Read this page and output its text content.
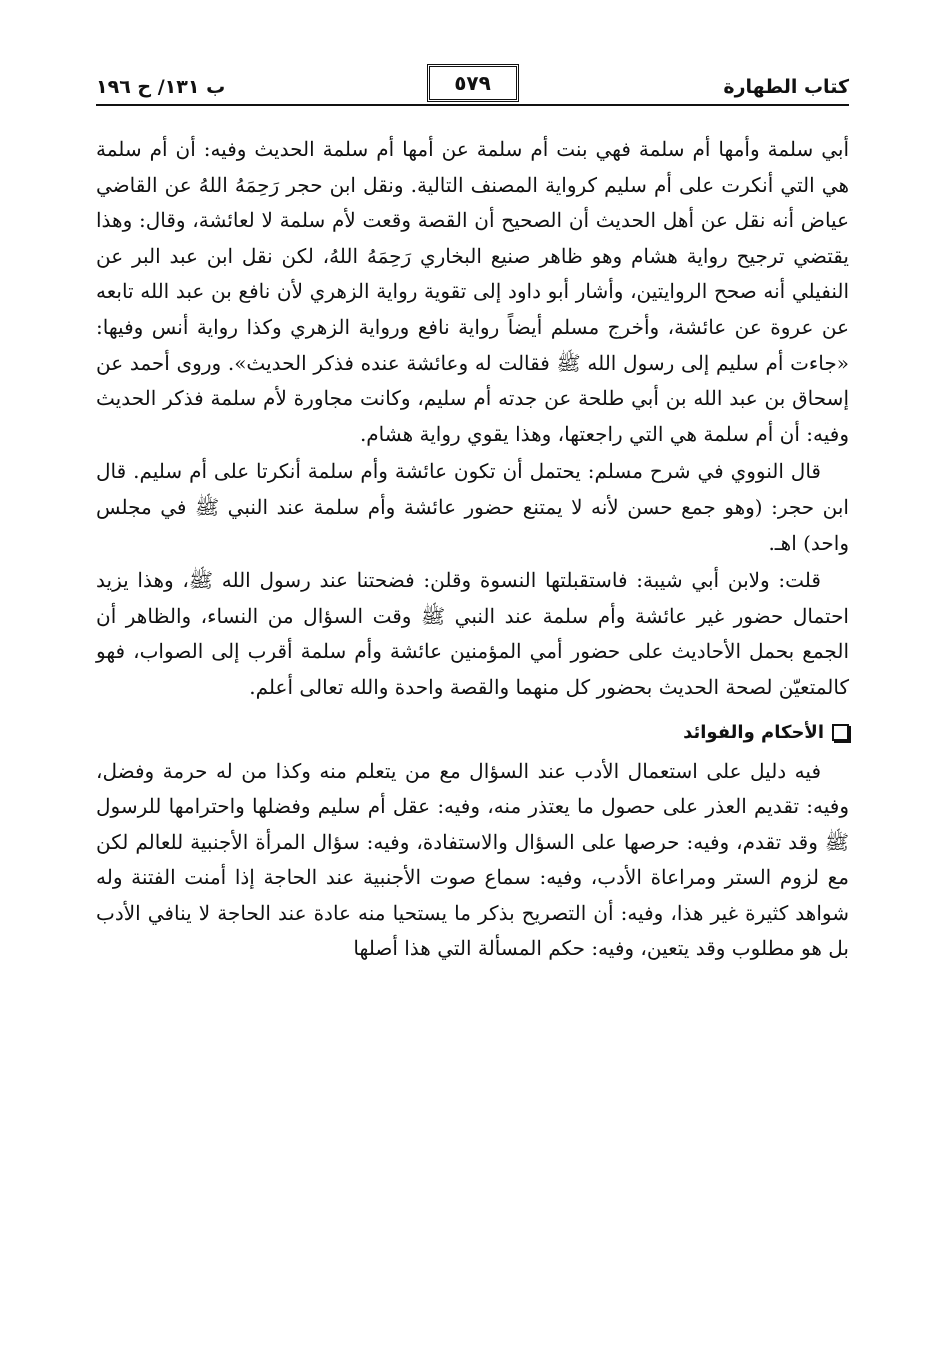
كتاب الطهارة
٥٧٩
ب ١٣١/ ح ١٩٦

أبي سلمة وأمها أم سلمة فهي بنت أم سلمة عن أمها أم سلمة الحديث وفيه: أن أم سلمة هي التي أنكرت على أم سليم كرواية المصنف التالية. ونقل ابن حجر رَحِمَهُ اللهُ عن القاضي عياض أنه نقل عن أهل الحديث أن الصحيح أن القصة وقعت لأم سلمة لا لعائشة، وقال: وهذا يقتضي ترجيح رواية هشام وهو ظاهر صنيع البخاري رَحِمَهُ اللهُ، لكن نقل ابن عبد البر عن النفيلي أنه صحح الروايتين، وأشار أبو داود إلى تقوية رواية الزهري لأن نافع بن عبد الله تابعه عن عروة عن عائشة، وأخرج مسلم أيضاً رواية نافع ورواية الزهري وكذا رواية أنس وفيها: «جاءت أم سليم إلى رسول الله ﷺ فقالت له وعائشة عنده فذكر الحديث». وروى أحمد عن إسحاق بن عبد الله بن أبي طلحة عن جدته أم سليم، وكانت مجاورة لأم سلمة فذكر الحديث وفيه: أن أم سلمة هي التي راجعتها، وهذا يقوي رواية هشام.

قال النووي في شرح مسلم: يحتمل أن تكون عائشة وأم سلمة أنكرتا على أم سليم. قال ابن حجر: (وهو جمع حسن لأنه لا يمتنع حضور عائشة وأم سلمة عند النبي ﷺ في مجلس واحد) اهـ.

قلت: ولابن أبي شيبة: فاستقبلتها النسوة وقلن: فضحتنا عند رسول الله ﷺ، وهذا يزيد احتمال حضور غير عائشة وأم سلمة عند النبي ﷺ وقت السؤال من النساء، والظاهر أن الجمع بحمل الأحاديث على حضور أمي المؤمنين عائشة وأم سلمة أقرب إلى الصواب، فهو كالمتعيّن لصحة الحديث بحضور كل منهما والقصة واحدة والله تعالى أعلم.

الأحكام والفوائد

فيه دليل على استعمال الأدب عند السؤال مع من يتعلم منه وكذا من له حرمة وفضل، وفيه: تقديم العذر على حصول ما يعتذر منه، وفيه: عقل أم سليم وفضلها واحترامها للرسول ﷺ وقد تقدم، وفيه: حرصها على السؤال والاستفادة، وفيه: سؤال المرأة الأجنبية للعالم لكن مع لزوم الستر ومراعاة الأدب، وفيه: سماع صوت الأجنبية عند الحاجة إذا أمنت الفتنة وله شواهد كثيرة غير هذا، وفيه: أن التصريح بذكر ما يستحيا منه عادة عند الحاجة لا ينافي الأدب بل هو مطلوب وقد يتعين، وفيه: حكم المسألة التي هذا أصلها
